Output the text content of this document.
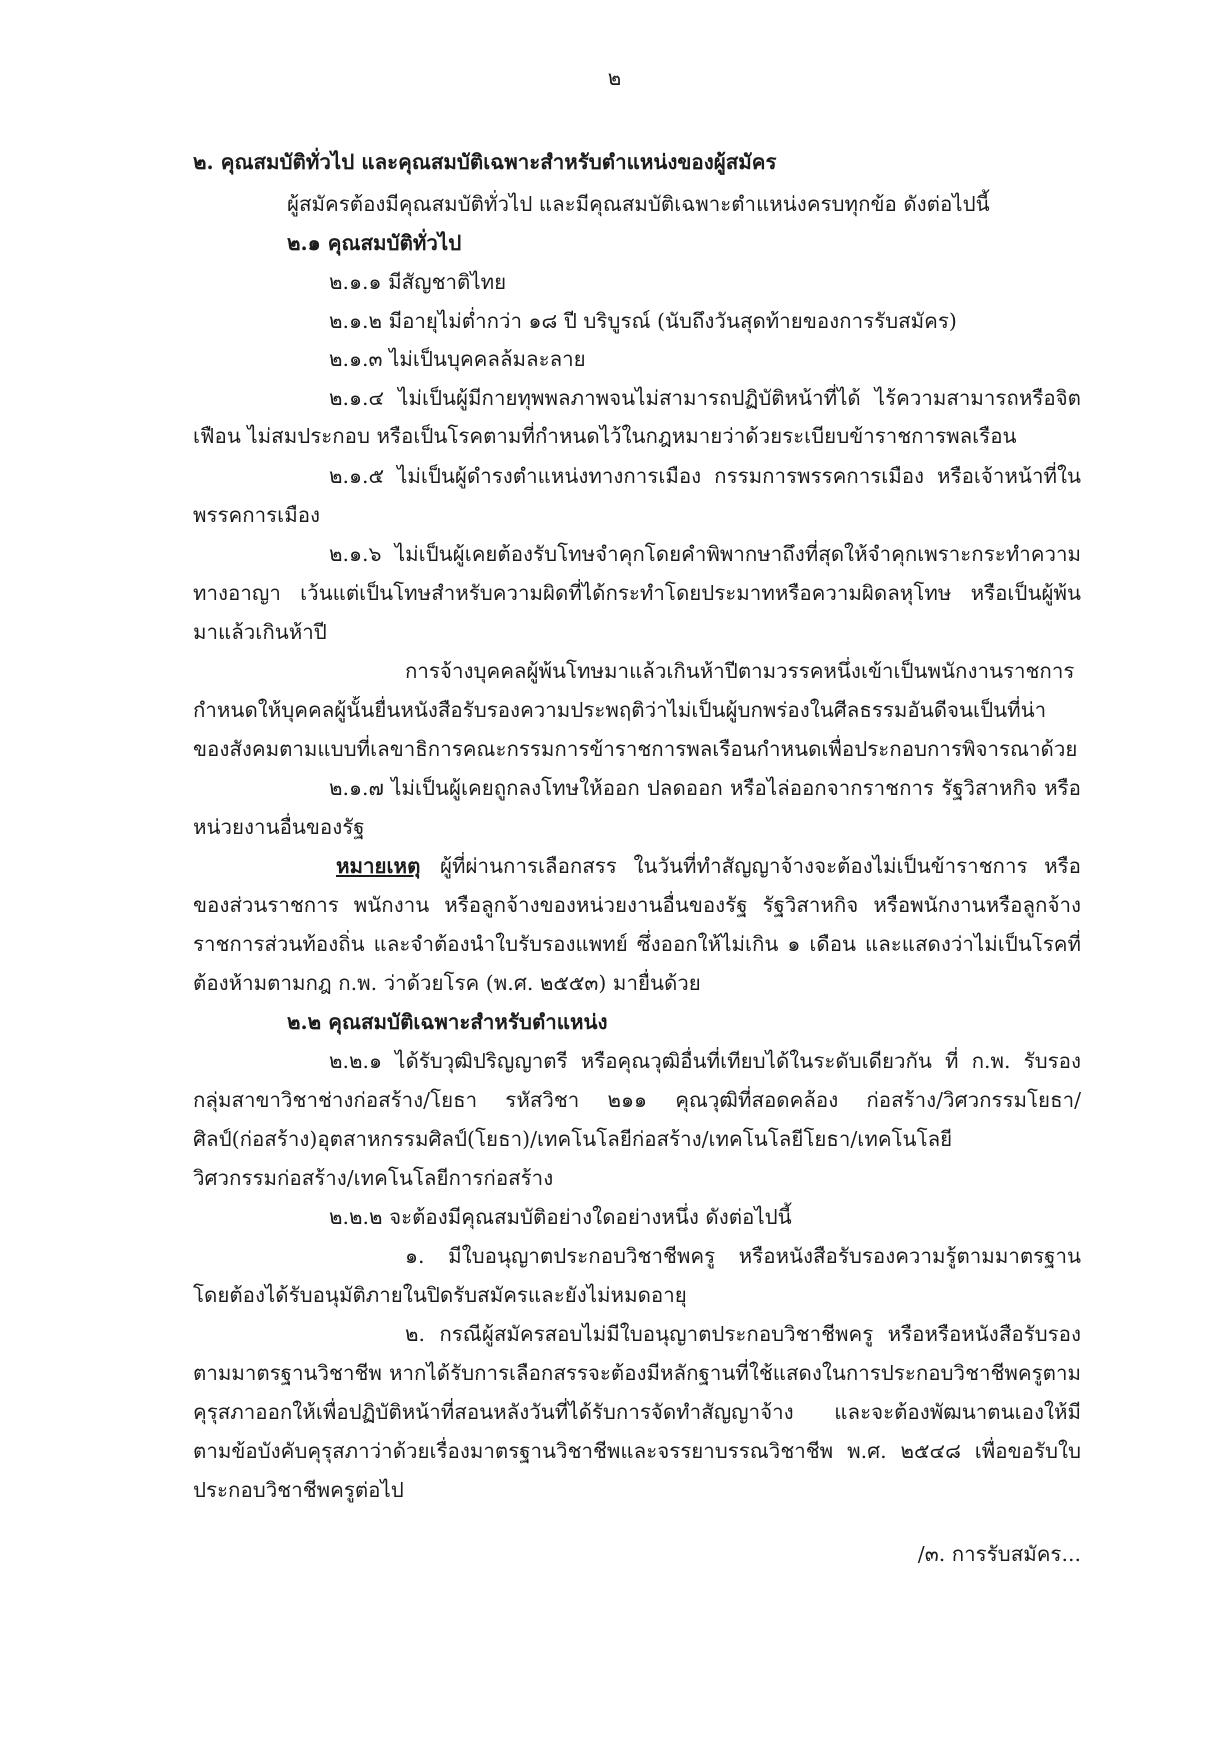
๒
๒. คุณสมบัติทั่วไป และคุณสมบัติเฉพาะสำหรับตำแหน่งของผู้สมัคร
ผู้สมัครต้องมีคุณสมบัติทั่วไป และมีคุณสมบัติเฉพาะตำแหน่งครบทุกข้อ ดังต่อไปนี้
๒.๑ คุณสมบัติทั่วไป
๒.๑.๑ มีสัญชาติไทย
๒.๑.๒ มีอายุไม่ต่ำกว่า ๑๘ ปี บริบูรณ์ (นับถึงวันสุดท้ายของการรับสมัคร)
๒.๑.๓ ไม่เป็นบุคคลล้มละลาย
๒.๑.๔ ไม่เป็นผู้มีกายทุพพลภาพจนไม่สามารถปฏิบัติหน้าที่ได้ ไร้ความสามารถหรือจิต
เฟือน ไม่สมประกอบ หรือเป็นโรคตามที่กำหนดไว้ในกฎหมายว่าด้วยระเบียบข้าราชการพลเรือน
๒.๑.๕ ไม่เป็นผู้ดำรงตำแหน่งทางการเมือง กรรมการพรรคการเมือง หรือเจ้าหน้าที่ใน
พรรคการเมือง
๒.๑.๖ ไม่เป็นผู้เคยต้องรับโทษจำคุกโดยคำพิพากษาถึงที่สุดให้จำคุกเพราะกระทำความ
ทางอาญา เว้นแต่เป็นโทษสำหรับความผิดที่ได้กระทำโดยประมาทหรือความผิดลหุโทษ หรือเป็นผู้พ้น
มาแล้วเกินห้าปี
การจ้างบุคคลผู้พ้นโทษมาแล้วเกินห้าปีตามวรรคหนึ่งเข้าเป็นพนักงานราชการ
กำหนดให้บุคคลผู้นั้นยื่นหนังสือรับรองความประพฤติว่าไม่เป็นผู้บกพร่องในศีลธรรมอันดีจนเป็นที่น่า
ของสังคมตามแบบที่เลขาธิการคณะกรรมการข้าราชการพลเรือนกำหนดเพื่อประกอบการพิจารณาด้วย
๒.๑.๗ ไม่เป็นผู้เคยถูกลงโทษให้ออก ปลดออก หรือไล่ออกจากราชการ รัฐวิสาหกิจ หรือ
หน่วยงานอื่นของรัฐ
หมายเหตุ ผู้ที่ผ่านการเลือกสรร ในวันที่ทำสัญญาจ้างจะต้องไม่เป็นข้าราชการ หรือ
ของส่วนราชการ พนักงาน หรือลูกจ้างของหน่วยงานอื่นของรัฐ รัฐวิสาหกิจ หรือพนักงานหรือลูกจ้าง
ราชการส่วนท้องถิ่น และจำต้องนำใบรับรองแพทย์ ซึ่งออกให้ไม่เกิน ๑ เดือน และแสดงว่าไม่เป็นโรคที่
ต้องห้ามตามกฎ ก.พ. ว่าด้วยโรค (พ.ศ. ๒๕๕๓) มายื่นด้วย
๒.๒ คุณสมบัติเฉพาะสำหรับตำแหน่ง
๒.๒.๑ ได้รับวุฒิปริญญาตรี หรือคุณวุฒิอื่นที่เทียบได้ในระดับเดียวกัน ที่ ก.พ. รับรอง
กลุ่มสาขาวิชาช่างก่อสร้าง/โยธา รหัสวิชา ๒๑๑ คุณวุฒิที่สอดคล้อง ก่อสร้าง/วิศวกรรมโยธา/
ศิลป์(ก่อสร้าง)อุตสาหกรรมศิลป์(โยธา)/เทคโนโลยีก่อสร้าง/เทคโนโลยีโยธา/เทคโนโลยี
วิศวกรรมก่อสร้าง/เทคโนโลยีการก่อสร้าง
๒.๒.๒ จะต้องมีคุณสมบัติอย่างใดอย่างหนึ่ง ดังต่อไปนี้
๑. มีใบอนุญาตประกอบวิชาชีพครู หรือหนังสือรับรองความรู้ตามมาตรฐาน
โดยต้องได้รับอนุมัติภายในปิดรับสมัครและยังไม่หมดอายุ
๒. กรณีผู้สมัครสอบไม่มีใบอนุญาตประกอบวิชาชีพครู หรือหรือหนังสือรับรอง
ตามมาตรฐานวิชาชีพ หากได้รับการเลือกสรรจะต้องมีหลักฐานที่ใช้แสดงในการประกอบวิชาชีพครูตาม
คุรุสภาออกให้เพื่อปฏิบัติหน้าที่สอนหลังวันที่ได้รับการจัดทำสัญญาจ้าง และจะต้องพัฒนาตนเองให้มี
ตามข้อบังคับคุรุสภาว่าด้วยเรื่องมาตรฐานวิชาชีพและจรรยาบรรณวิชาชีพ พ.ศ. ๒๕๔๘ เพื่อขอรับใบ
ประกอบวิชาชีพครูต่อไป
/๓. การรับสมัคร...
